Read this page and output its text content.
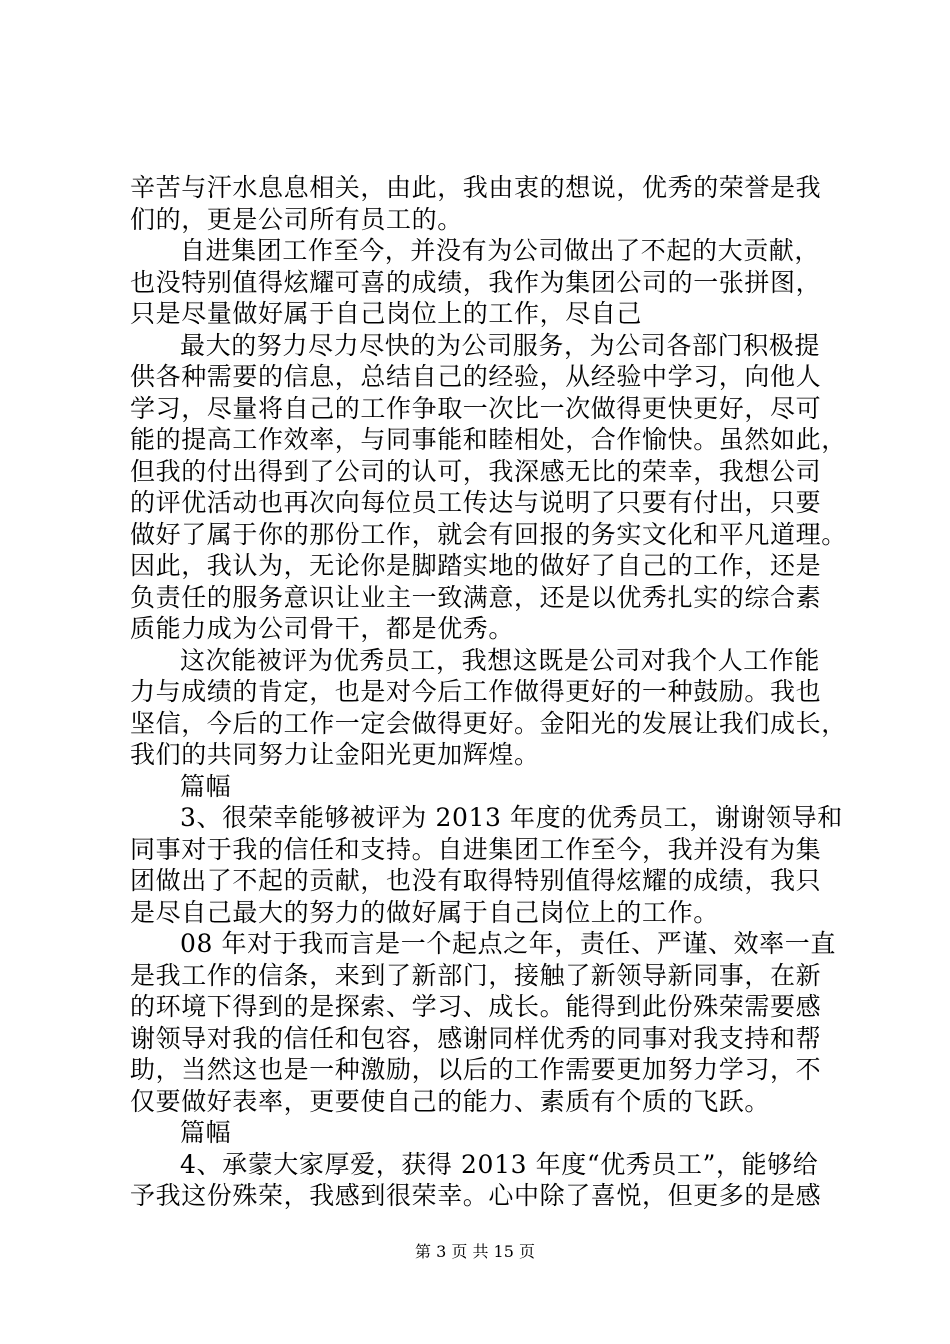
辛苦与汗水息息相关，由此，我由衷的想说，优秀的荣誉是我
们的，更是公司所有员工的。
自进集团工作至今，并没有为公司做出了不起的大贡献，
也没特别值得炫耀可喜的成绩，我作为集团公司的一张拼图，
只是尽量做好属于自己岗位上的工作，尽自己
最大的努力尽力尽快的为公司服务，为公司各部门积极提
供各种需要的信息，总结自己的经验，从经验中学习，向他人
学习，尽量将自己的工作争取一次比一次做得更快更好，尽可
能的提高工作效率，与同事能和睦相处，合作愉快。虽然如此，
但我的付出得到了公司的认可，我深感无比的荣幸，我想公司
的评优活动也再次向每位员工传达与说明了只要有付出，只要
做好了属于你的那份工作，就会有回报的务实文化和平凡道理。
因此，我认为，无论你是脚踏实地的做好了自己的工作，还是
负责任的服务意识让业主一致满意，还是以优秀扎实的综合素
质能力成为公司骨干，都是优秀。
这次能被评为优秀员工，我想这既是公司对我个人工作能
力与成绩的肯定，也是对今后工作做得更好的一种鼓励。我也
坚信，今后的工作一定会做得更好。金阳光的发展让我们成长，
我们的共同努力让金阳光更加辉煌。
篇幅
3、很荣幸能够被评为 2013 年度的优秀员工，谢谢领导和
同事对于我的信任和支持。自进集团工作至今，我并没有为集
团做出了不起的贡献，也没有取得特别值得炫耀的成绩，我只
是尽自己最大的努力的做好属于自己岗位上的工作。
08 年对于我而言是一个起点之年，责任、严谨、效率一直
是我工作的信条，来到了新部门，接触了新领导新同事，在新
的环境下得到的是探索、学习、成长。能得到此份殊荣需要感
谢领导对我的信任和包容，感谢同样优秀的同事对我支持和帮
助，当然这也是一种激励，以后的工作需要更加努力学习，不
仅要做好表率，更要使自己的能力、素质有个质的飞跃。
篇幅
4、承蒙大家厚爱，获得 2013 年度“优秀员工”，能够给
予我这份殊荣，我感到很荣幸。心中除了喜悦，但更多的是感
第 3 页 共 15 页
